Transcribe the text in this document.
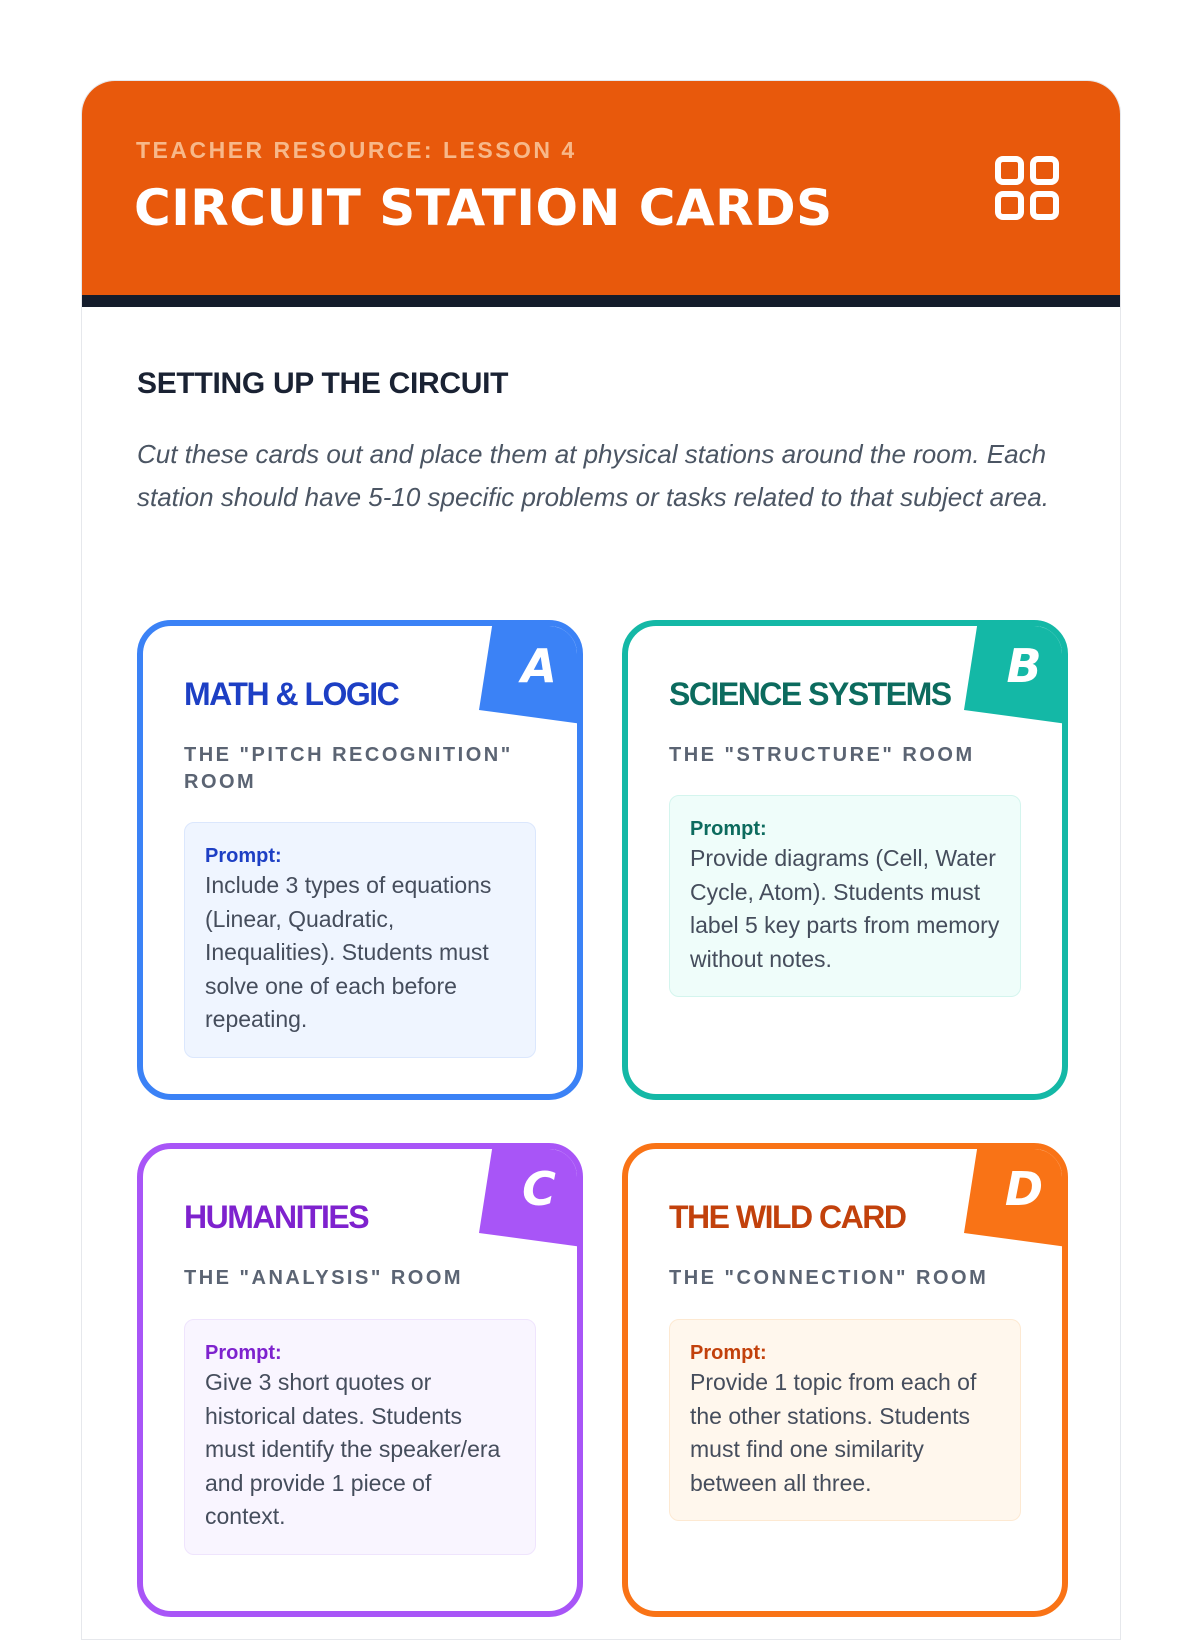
TEACHER RESOURCE: LESSON 4
CIRCUIT STATION CARDS
SETTING UP THE CIRCUIT
Cut these cards out and place them at physical stations around the room. Each station should have 5-10 specific problems or tasks related to that subject area.
A
MATH & LOGIC
THE "PITCH RECOGNITION" ROOM
Prompt:
Include 3 types of equations (Linear, Quadratic, Inequalities). Students must solve one of each before repeating.
B
SCIENCE SYSTEMS
THE "STRUCTURE" ROOM
Prompt:
Provide diagrams (Cell, Water Cycle, Atom). Students must label 5 key parts from memory without notes.
C
HUMANITIES
THE "ANALYSIS" ROOM
Prompt:
Give 3 short quotes or historical dates. Students must identify the speaker/era and provide 1 piece of context.
D
THE WILD CARD
THE "CONNECTION" ROOM
Prompt:
Provide 1 topic from each of the other stations. Students must find one similarity between all three.
